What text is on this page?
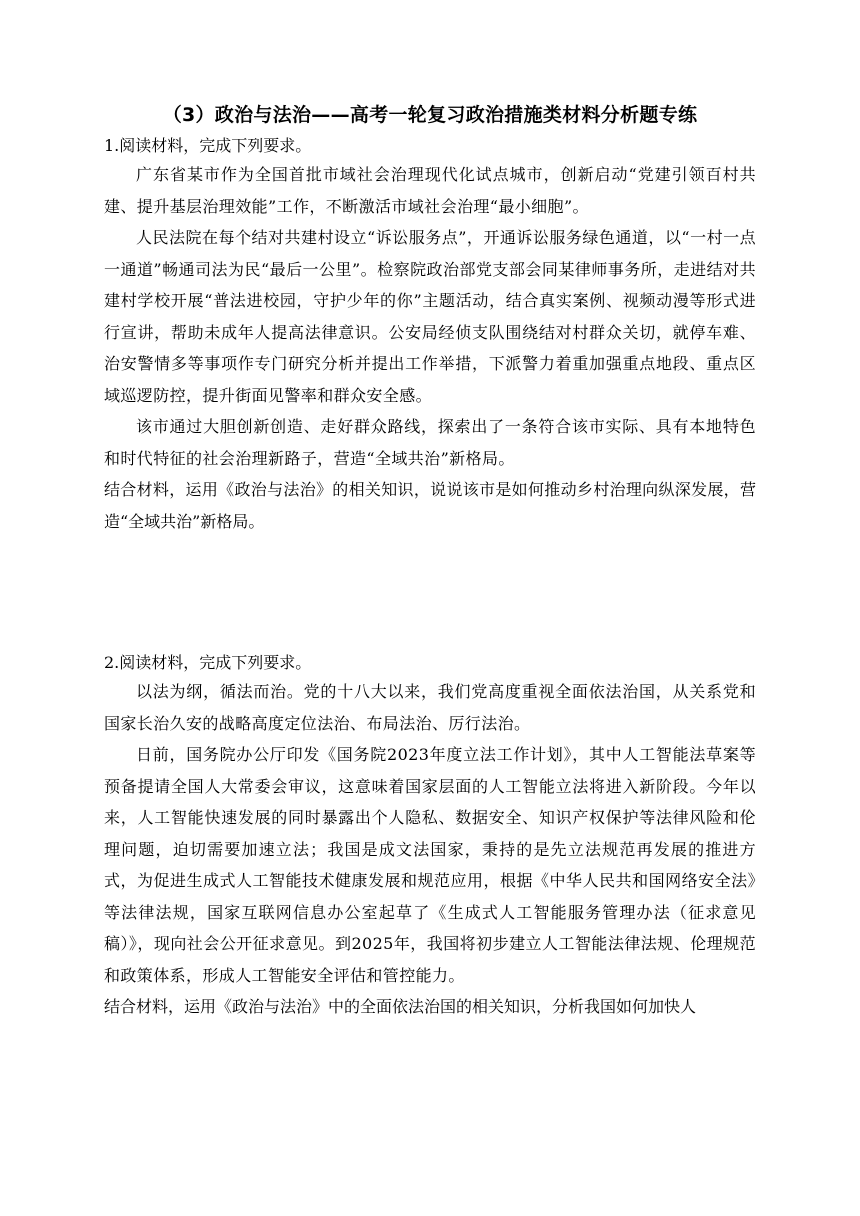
（3）政治与法治——高考一轮复习政治措施类材料分析题专练

1.阅读材料，完成下列要求。

广东省某市作为全国首批市域社会治理现代化试点城市，创新启动“党建引领百村共建、提升基层治理效能”工作，不断激活市域社会治理“最小细胞”。

人民法院在每个结对共建村设立“诉讼服务点”，开通诉讼服务绿色通道，以“一村一点一通道”畅通司法为民“最后一公里”。检察院政治部党支部会同某律师事务所，走进结对共建村学校开展“普法进校园，守护少年的你”主题活动，结合真实案例、视频动漫等形式进行宣讲，帮助未成年人提高法律意识。公安局经侦支队围绕结对村群众关切，就停车难、治安警情多等事项作专门研究分析并提出工作举措，下派警力着重加强重点地段、重点区域巡逻防控，提升街面见警率和群众安全感。

该市通过大胆创新创造、走好群众路线，探索出了一条符合该市实际、具有本地特色和时代特征的社会治理新路子，营造“全域共治”新格局。

结合材料，运用《政治与法治》的相关知识，说说该市是如何推动乡村治理向纵深发展，营造“全域共治”新格局。

2.阅读材料，完成下列要求。

以法为纲，循法而治。党的十八大以来，我们党高度重视全面依法治国，从关系党和国家长治久安的战略高度定位法治、布局法治、厉行法治。

日前，国务院办公厅印发《国务院2023年度立法工作计划》，其中人工智能法草案等预备提请全国人大常委会审议，这意味着国家层面的人工智能立法将进入新阶段。今年以来，人工智能快速发展的同时暴露出个人隐私、数据安全、知识产权保护等法律风险和伦理问题，迫切需要加速立法；我国是成文法国家，秉持的是先立法规范再发展的推进方式，为促进生成式人工智能技术健康发展和规范应用，根据《中华人民共和国网络安全法》等法律法规，国家互联网信息办公室起草了《生成式人工智能服务管理办法（征求意见稿）》，现向社会公开征求意见。到2025年，我国将初步建立人工智能法律法规、伦理规范和政策体系，形成人工智能安全评估和管控能力。

结合材料，运用《政治与法治》中的全面依法治国的相关知识，分析我国如何加快人
